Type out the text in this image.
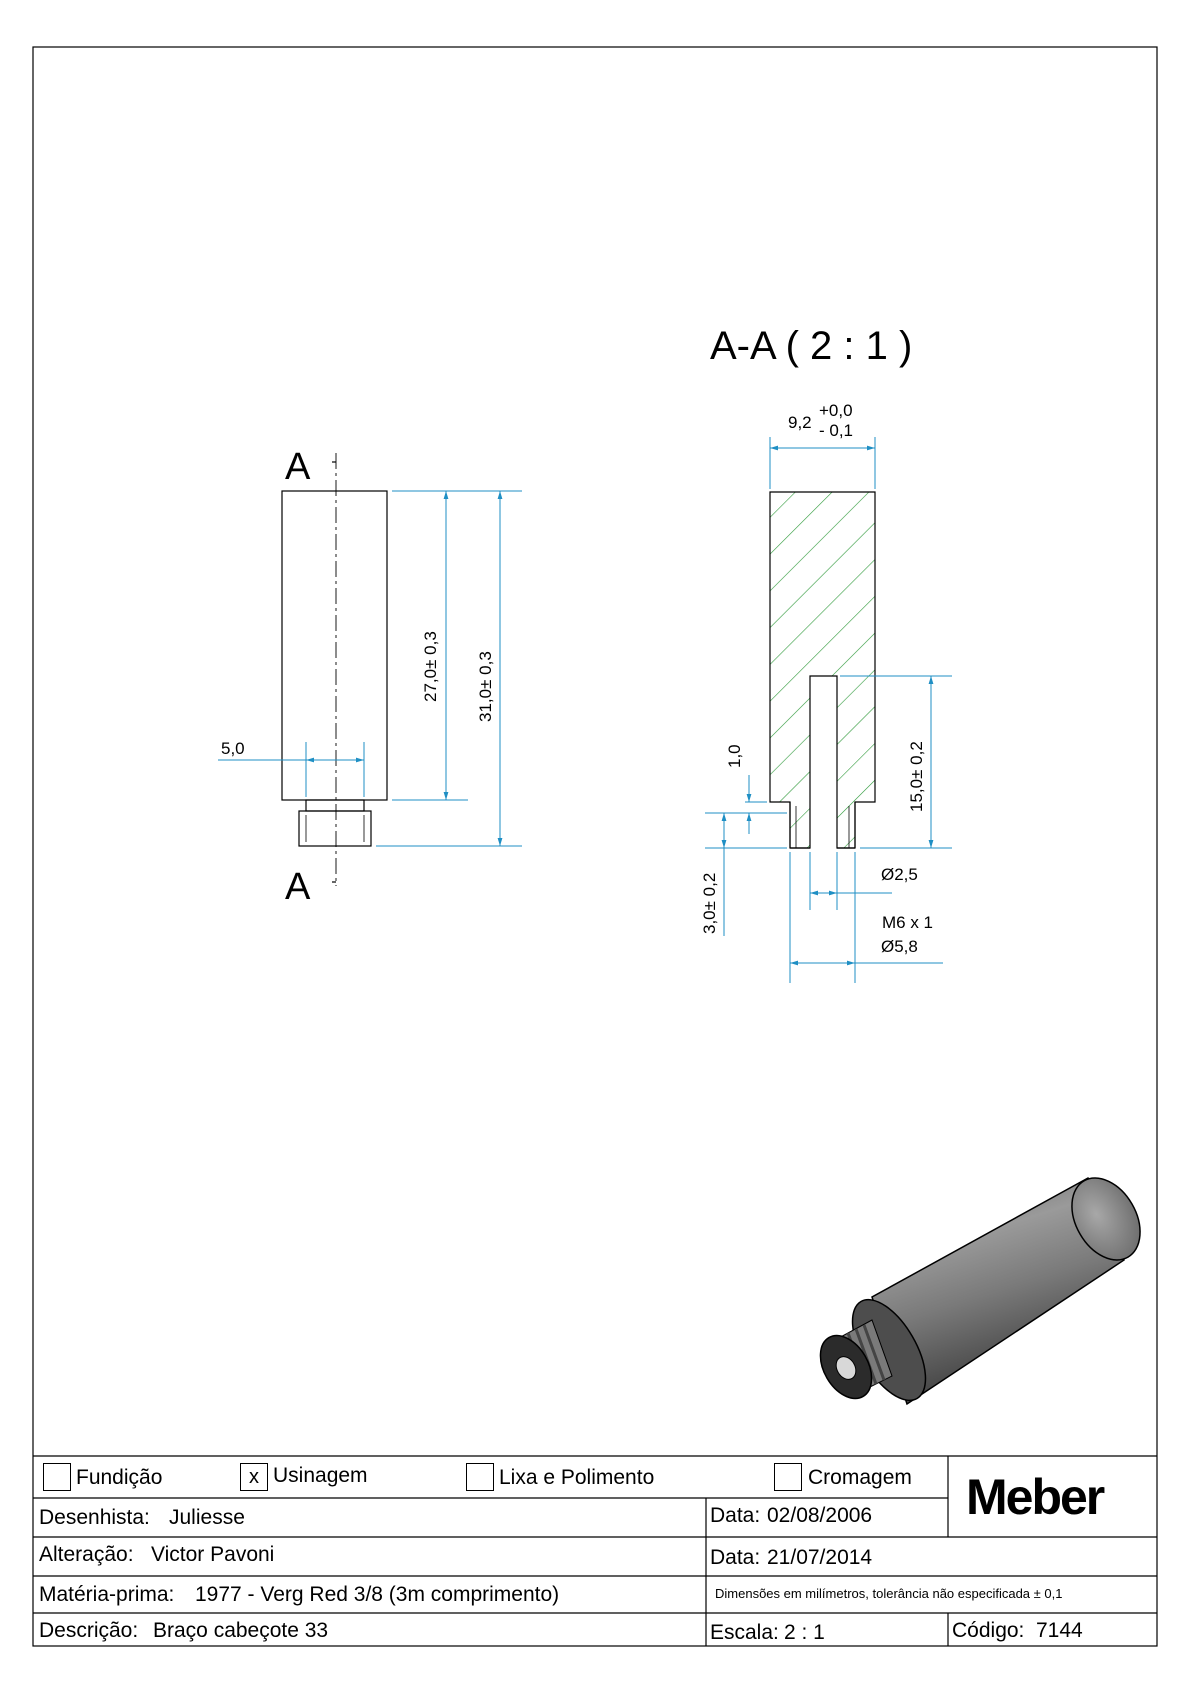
A-A ( 2 : 1 )
A
A
5,0
27,0± 0,3 31,0± 0,3
9,2
+0,0
- 0,1
1,0	15,0± 0,2
3,0± 0,2	Ø2,5
M6 x 1
Ø5,8
Fundição	x Usinagem	Lixa e Polimento	Cromagem
Desenhista: Juliesse	Data: 02/08/2006
Alteração: Victor Pavoni	Data: 21/07/2014
Matéria-prima: 1977 - Verg Red 3/8 (3m comprimento)	Dimensões em milímetros, tolerância não especificada ± 0,1
Descrição: Braço cabeçote 33	Escala: 2 : 1	Código: 7144
Meber
